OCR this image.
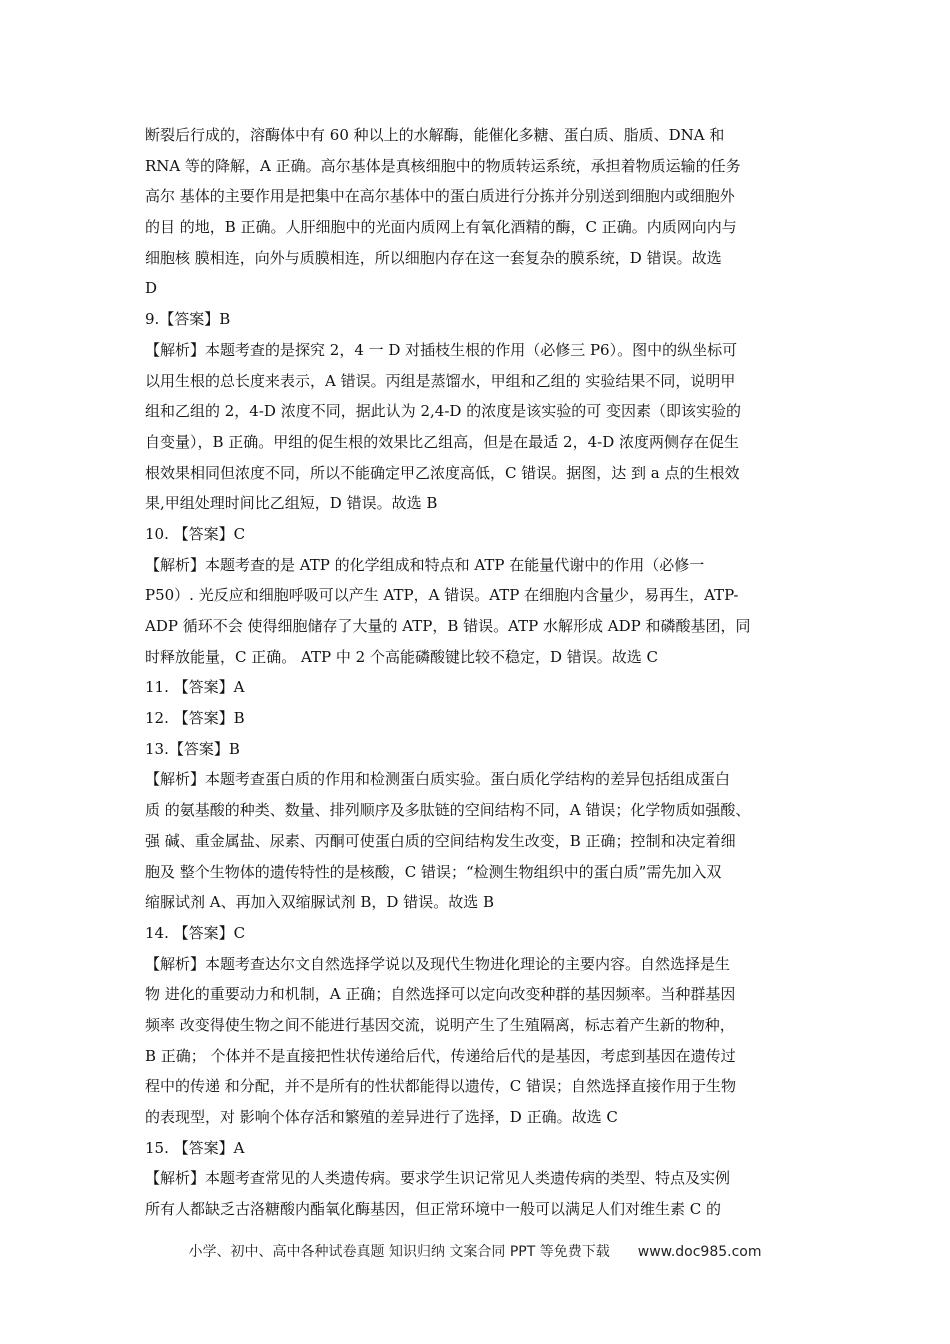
断裂后行成的，溶酶体中有 60 种以上的水解酶，能催化多糖、蛋白质、脂质、DNA 和
RNA 等的降解，A 正确。高尔基体是真核细胞中的物质转运系统，承担着物质运输的任务
高尔 基体的主要作用是把集中在高尔基体中的蛋白质进行分拣并分别送到细胞内或细胞外
的目 的地，B 正确。人肝细胞中的光面内质网上有氧化酒精的酶，C 正确。内质网向内与
细胞核 膜相连，向外与质膜相连，所以细胞内存在这一套复杂的膜系统，D 错误。故选
D
9.【答案】B
【解析】本题考查的是探究 2，4 一 D 对插枝生根的作用（必修三 P6）。图中的纵坐标可
以用生根的总长度来表示，A 错误。丙组是蒸馏水，甲组和乙组的 实验结果不同，说明甲
组和乙组的 2，4-D 浓度不同，据此认为 2,4-D 的浓度是该实验的可 变因素（即该实验的
自变量），B 正确。甲组的促生根的效果比乙组高，但是在最适 2，4-D 浓度两侧存在促生
根效果相同但浓度不同，所以不能确定甲乙浓度高低，C 错误。据图，达 到 a 点的生根效
果,甲组处理时间比乙组短，D 错误。故选 B
10. 【答案】C
【解析】本题考查的是 ATP 的化学组成和特点和 ATP 在能量代谢中的作用（必修一
P50）. 光反应和细胞呼吸可以产生 ATP，A 错误。ATP 在细胞内含量少，易再生，ATP-
ADP 循环不会 使得细胞储存了大量的 ATP，B 错误。ATP 水解形成 ADP 和磷酸基团，同
时释放能量，C 正确。 ATP 中 2 个高能磷酸键比较不稳定，D 错误。故选 C
11. 【答案】A
12. 【答案】B
13.【答案】B
【解析】本题考查蛋白质的作用和检测蛋白质实验。蛋白质化学结构的差异包括组成蛋白
质 的氨基酸的种类、数量、排列顺序及多肽链的空间结构不同，A 错误；化学物质如强酸、
强 碱、重金属盐、尿素、丙酮可使蛋白质的空间结构发生改变，B 正确；控制和决定着细
胞及 整个生物体的遗传特性的是核酸，C 错误；“检测生物组织中的蛋白质”需先加入双
缩脲试剂 A、再加入双缩脲试剂 B，D 错误。故选 B
14. 【答案】C
【解析】本题考查达尔文自然选择学说以及现代生物进化理论的主要内容。自然选择是生
物 进化的重要动力和机制，A 正确；自然选择可以定向改变种群的基因频率。当种群基因
频率 改变得使生物之间不能进行基因交流，说明产生了生殖隔离，标志着产生新的物种，
B 正确； 个体并不是直接把性状传递给后代，传递给后代的是基因，考虑到基因在遗传过
程中的传递 和分配，并不是所有的性状都能得以遗传，C 错误；自然选择直接作用于生物
的表现型，对 影响个体存活和繁殖的差异进行了选择，D 正确。故选 C
15. 【答案】A
【解析】本题考查常见的人类遗传病。要求学生识记常见人类遗传病的类型、特点及实例
所有人都缺乏古洛糖酸内酯氧化酶基因，但正常环境中一般可以满足人们对维生素 C 的
小学、初中、高中各种试卷真题 知识归纳 文案合同 PPT 等免费下载 www.doc985.com
